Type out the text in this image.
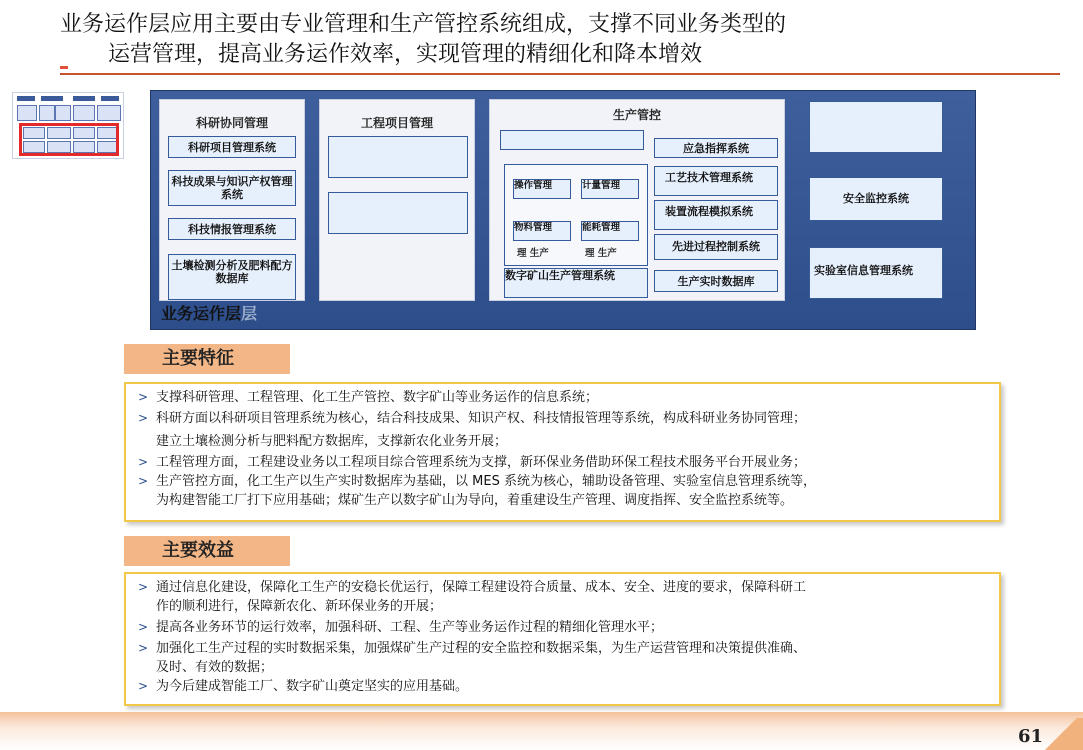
业务运作层应用主要由专业管理和生产管控系统组成，支撑不同业务类型的
运营管理，提高业务运作效率，实现管理的精细化和降本增效
科研协同管理
科研项目管理系统
科技成果与知识产权管理系统
科技情报管理系统
土壤检测分析及肥料配方数据库
工程项目管理
生产管控
操作管理	计量管理
物料管理	能耗管理
理 生产	理 生产
数字矿山生产管理系统
应急指挥系统
工艺技术管理系统
装置流程模拟系统
先进过程控制系统
生产实时数据库
安全监控系统
实验室信息管理系统
业务运作层层
主要特征
> 支撑科研管理、工程管理、化工生产管控、数字矿山等业务运作的信息系统；
> 科研方面以科研项目管理系统为核心，结合科技成果、知识产权、科技情报管理等系统，构成科研业务协同管理；
建立土壤检测分析与肥料配方数据库，支撑新农化业务开展；
> 工程管理方面，工程建设业务以工程项目综合管理系统为支撑，新环保业务借助环保工程技术服务平台开展业务；
> 生产管控方面，化工生产以生产实时数据库为基础，以 MES 系统为核心，辅助设备管理、实验室信息管理系统等，
为构建智能工厂打下应用基础；煤矿生产以数字矿山为导向，着重建设生产管理、调度指挥、安全监控系统等。
主要效益
> 通过信息化建设，保障化工生产的安稳长优运行，保障工程建设符合质量、成本、安全、进度的要求，保障科研工
作的顺利进行，保障新农化、新环保业务的开展；
> 提高各业务环节的运行效率，加强科研、工程、生产等业务运作过程的精细化管理水平；
> 加强化工生产过程的实时数据采集，加强煤矿生产过程的安全监控和数据采集，为生产运营管理和决策提供准确、
及时、有效的数据；
> 为今后建成智能工厂、数字矿山奠定坚实的应用基础。
61
